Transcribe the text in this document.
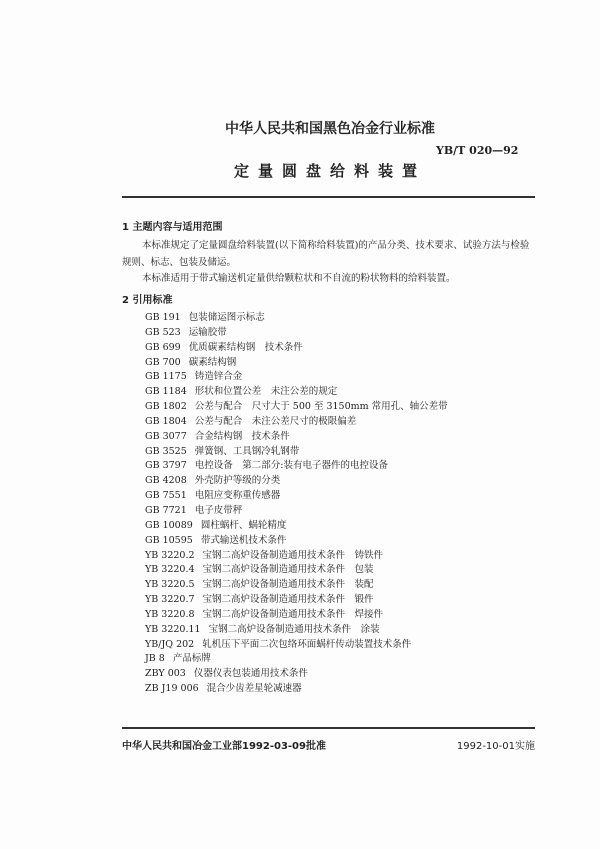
中华人民共和国黑色冶金行业标准
YB/T 020—92
定量圆盘给料装置
1 主题内容与适用范围
本标准规定了定量圆盘给料装置(以下简称给料装置)的产品分类、技术要求、试验方法与检验规则、标志、包装及储运。
本标准适用于带式输送机定量供给颗粒状和不自流的粉状物料的给料装置。
2 引用标准
GB 191 包装储运图示标志
GB 523 运输胶带
GB 699 优质碳素结构钢　技术条件
GB 700 碳素结构钢
GB 1175 铸造锌合金
GB 1184 形状和位置公差　未注公差的规定
GB 1802 公差与配合　尺寸大于 500 至 3150mm 常用孔、轴公差带
GB 1804 公差与配合　未注公差尺寸的极限偏差
GB 3077 合金结构钢　技术条件
GB 3525 弹簧钢、工具钢冷轧钢带
GB 3797 电控设备　第二部分:装有电子器件的电控设备
GB 4208 外壳防护等级的分类
GB 7551 电阻应变称重传感器
GB 7721 电子皮带秤
GB 10089 圆柱蜗杆、蜗轮精度
GB 10595 带式输送机技术条件
YB 3220.2 宝钢二高炉设备制造通用技术条件　铸铁件
YB 3220.4 宝钢二高炉设备制造通用技术条件　包装
YB 3220.5 宝钢二高炉设备制造通用技术条件　装配
YB 3220.7 宝钢二高炉设备制造通用技术条件　锻件
YB 3220.8 宝钢二高炉设备制造通用技术条件　焊接件
YB 3220.11 宝钢二高炉设备制造通用技术条件　涂装
YB/JQ 202 轧机压下平面二次包络环面蜗杆传动装置技术条件
JB 8 产品标牌
ZBY 003 仪器仪表包装通用技术条件
ZB J19 006 混合少齿差星轮减速器
中华人民共和国冶金工业部1992-03-09批准	1992-10-01实施
